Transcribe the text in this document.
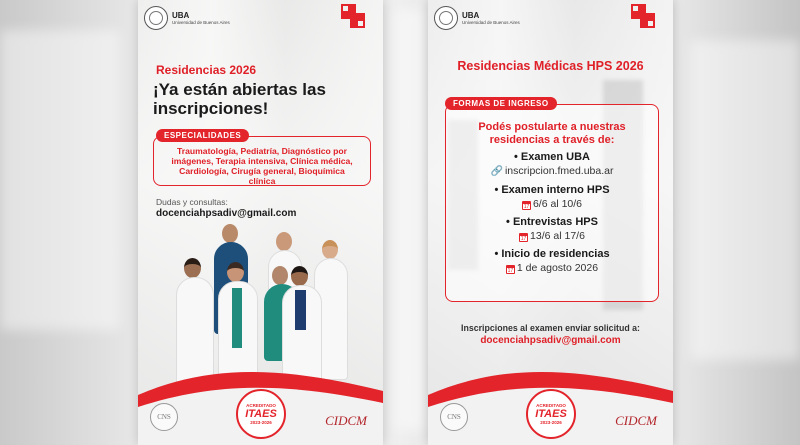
UBA
Universidad de Buenos Aires
Residencias 2026
¡Ya están abiertas las
inscripciones!
Traumatología, Pediatría, Diagnóstico por
imágenes, Terapia intensiva, Clínica médica,
Cardiología, Cirugía general, Bioquímica
clínica
ESPECIALIDADES
Dudas y consultas:
docenciahpsadiv@gmail.com
CNS
ACREDITADO
ITAES
2023-2026	CIDCM
UBA
Universidad de Buenos Aires
Residencias Médicas HPS 2026
Podés postularte a nuestras
residencias a través de:
• Examen UBA
🔗 inscripcion.fmed.uba.ar
• Examen interno HPS
17 6/6 al 10/6
• Entrevistas HPS
17 13/6 al 17/6
• Inicio de residencias
17 1 de agosto 2026
FORMAS DE INGRESO
Inscripciones al examen enviar solicitud a:
docenciahpsadiv@gmail.com
CNS
ACREDITADO
ITAES
2023-2026	CIDCM
